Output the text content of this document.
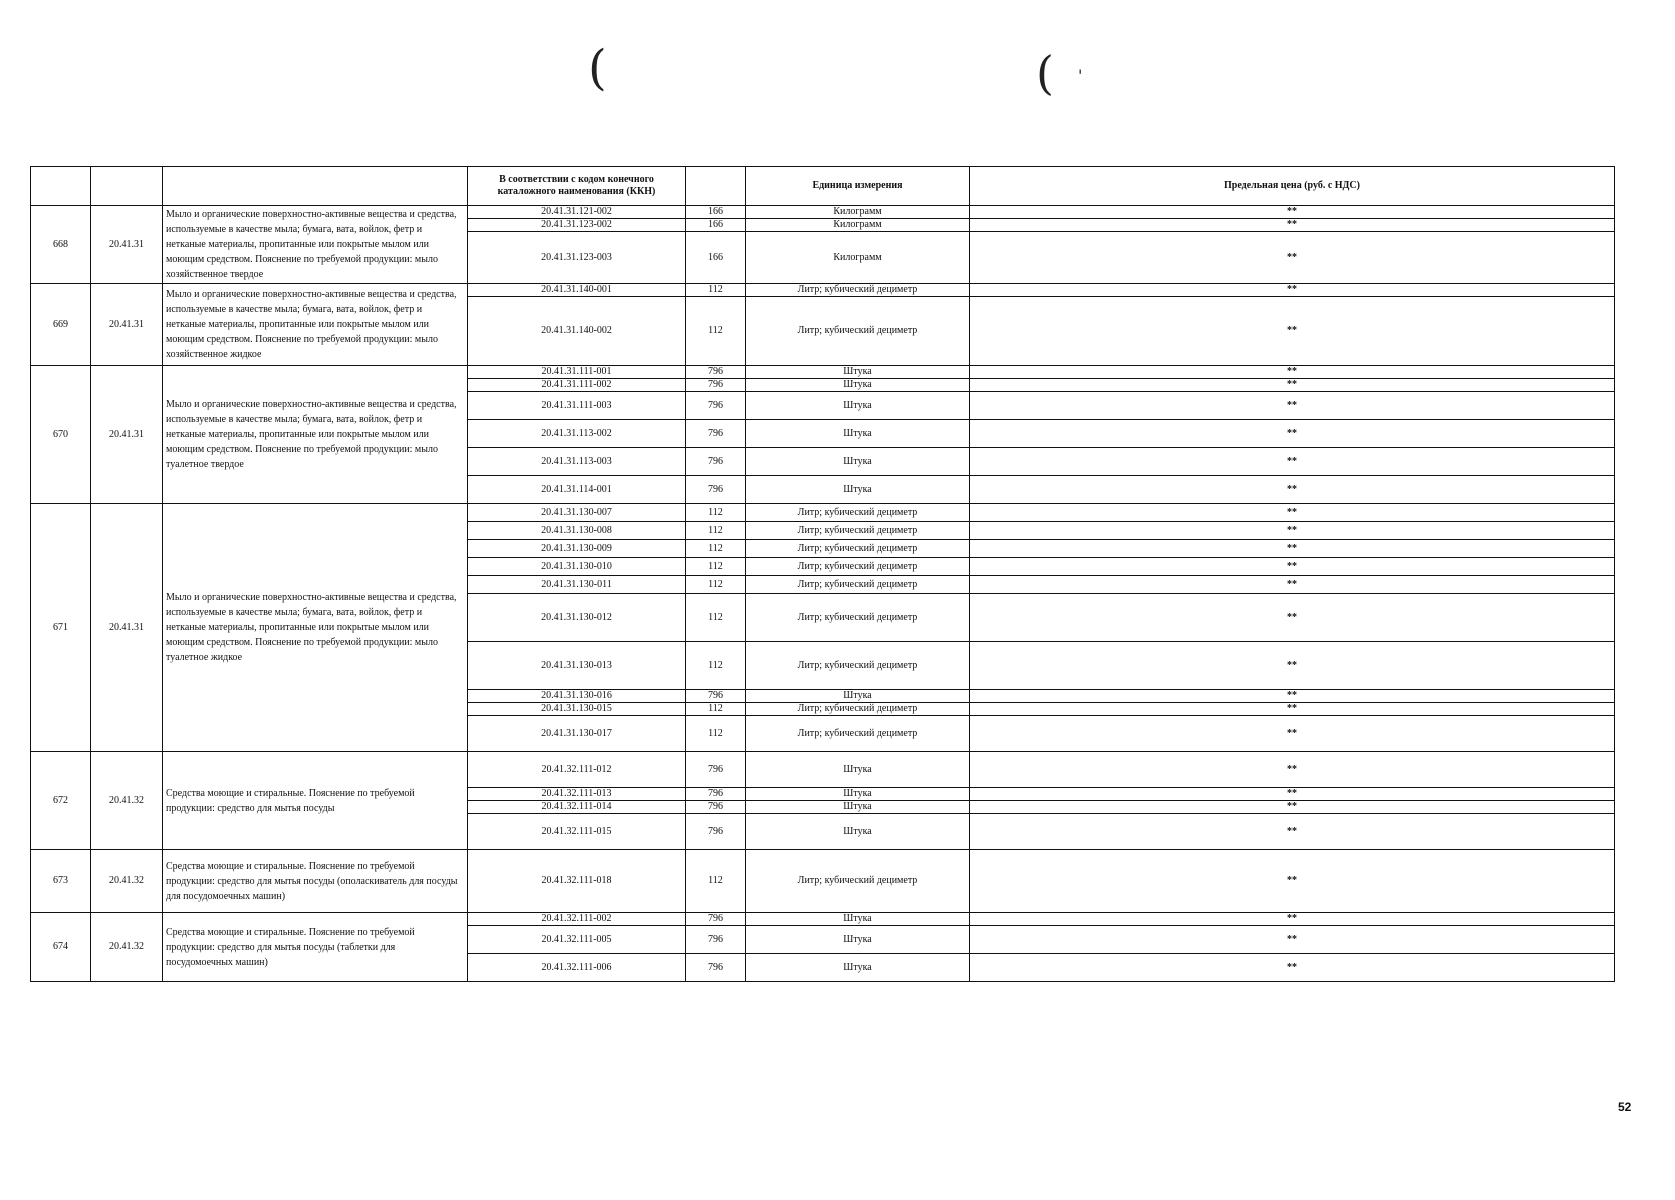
(	( '
			В соответствии с кодом конечного каталожного наименования (ККН)		Единица измерения	Предельная цена (руб. с НДС)
668	20.41.31	Мыло и органические поверхностно-активные вещества и средства, используемые в качестве мыла; бумага, вата, войлок, фетр и нетканые материалы, пропитанные или покрытые мылом или моющим средством. Пояснение по требуемой продукции: мыло хозяйственное твердое	20.41.31.121-002	166	Килограмм	**
			20.41.31.123-002	166	Килограмм	**
			20.41.31.123-003	166	Килограмм	**
669	20.41.31	Мыло и органические поверхностно-активные вещества и средства, используемые в качестве мыла; бумага, вата, войлок, фетр и нетканые материалы, пропитанные или покрытые мылом или моющим средством. Пояснение по требуемой продукции: мыло хозяйственное жидкое	20.41.31.140-001	112	Литр; кубический дециметр	**
			20.41.31.140-002	112	Литр; кубический дециметр	**
670	20.41.31	Мыло и органические поверхностно-активные вещества и средства, используемые в качестве мыла; бумага, вата, войлок, фетр и нетканые материалы, пропитанные или покрытые мылом или моющим средством. Пояснение по требуемой продукции: мыло туалетное твердое	20.41.31.111-001	796	Штука	**
			20.41.31.111-002	796	Штука	**
			20.41.31.111-003	796	Штука	**
			20.41.31.113-002	796	Штука	**
			20.41.31.113-003	796	Штука	**
			20.41.31.114-001	796	Штука	**
671	20.41.31	Мыло и органические поверхностно-активные вещества и средства, используемые в качестве мыла; бумага, вата, войлок, фетр и нетканые материалы, пропитанные или покрытые мылом или моющим средством. Пояснение по требуемой продукции: мыло туалетное жидкое	20.41.31.130-007	112	Литр; кубический дециметр	**
			20.41.31.130-008	112	Литр; кубический дециметр	**
			20.41.31.130-009	112	Литр; кубический дециметр	**
			20.41.31.130-010	112	Литр; кубический дециметр	**
			20.41.31.130-011	112	Литр; кубический дециметр	**
			20.41.31.130-012	112	Литр; кубический дециметр	**
			20.41.31.130-013	112	Литр; кубический дециметр	**
			20.41.31.130-016	796	Штука	**
			20.41.31.130-015	112	Литр; кубический дециметр	**
			20.41.31.130-017	112	Литр; кубический дециметр	**
672	20.41.32	Средства моющие и стиральные. Пояснение по требуемой продукции: средство для мытья посуды	20.41.32.111-012	796	Штука	**
			20.41.32.111-013	796	Штука	**
			20.41.32.111-014	796	Штука	**
			20.41.32.111-015	796	Штука	**
673	20.41.32	Средства моющие и стиральные. Пояснение по требуемой продукции: средство для мытья посуды (ополаскиватель для посуды для посудомоечных машин)	20.41.32.111-018	112	Литр; кубический дециметр	**
674	20.41.32	Средства моющие и стиральные. Пояснение по требуемой продукции: средство для мытья посуды (таблетки для посудомоечных машин)	20.41.32.111-002	796	Штука	**
			20.41.32.111-005	796	Штука	**
			20.41.32.111-006	796	Штука	**
52
